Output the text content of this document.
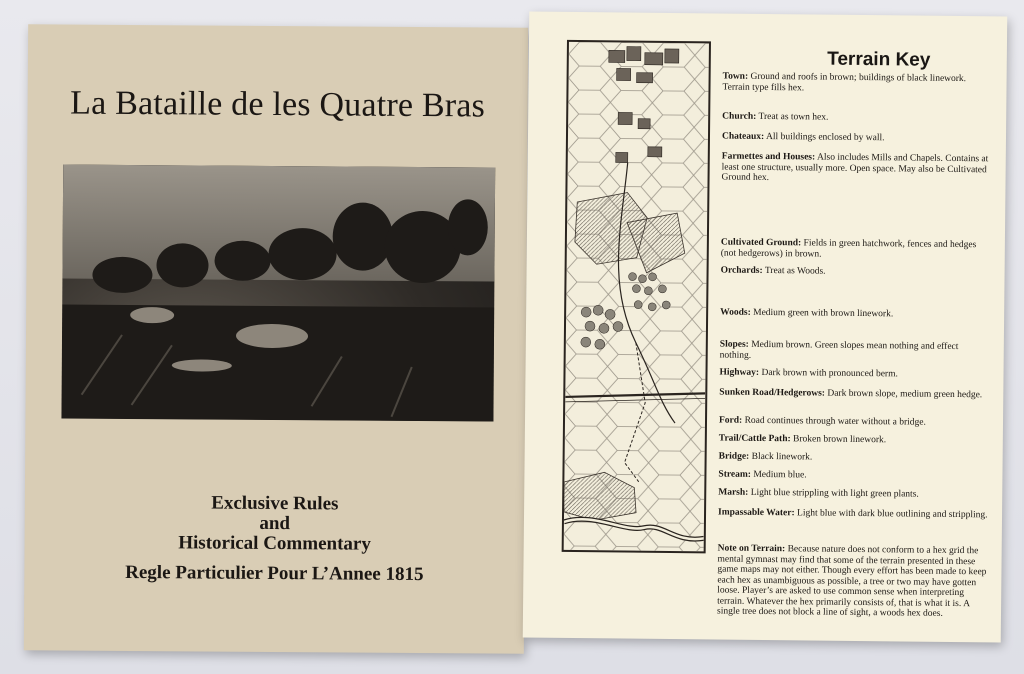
La Bataille de les Quatre Bras
Exclusive Rules
and
Historical Commentary
Regle Particulier Pour L’Annee 1815
Terrain Key
Town: Ground and roofs in brown; buildings of black linework. Terrain type fills hex.
Church: Treat as town hex.
Chateaux: All buildings enclosed by wall.
Farmettes and Houses: Also includes Mills and Chapels. Contains at least one structure, usually more. Open space. May also be Cultivated Ground hex.
Cultivated Ground: Fields in green hatchwork, fences and hedges (not hedgerows) in brown.
Orchards: Treat as Woods.
Woods: Medium green with brown linework.
Slopes: Medium brown. Green slopes mean nothing and effect nothing.
Highway: Dark brown with pronounced berm.
Sunken Road/Hedgerows: Dark brown slope, medium green hedge.
Ford: Road continues through water without a bridge.
Trail/Cattle Path: Broken brown linework.
Bridge: Black linework.
Stream: Medium blue.
Marsh: Light blue strippling with light green plants.
Impassable Water: Light blue with dark blue outlining and strippling.
Note on Terrain: Because nature does not conform to a hex grid the mental gymnast may find that some of the terrain presented in these game maps may not either. Though every effort has been made to keep each hex as unambiguous as possible, a tree or two may have gotten loose. Player’s are asked to use common sense when interpreting terrain. Whatever the hex primarily consists of, that is what it is. A single tree does not block a line of sight, a woods hex does.
